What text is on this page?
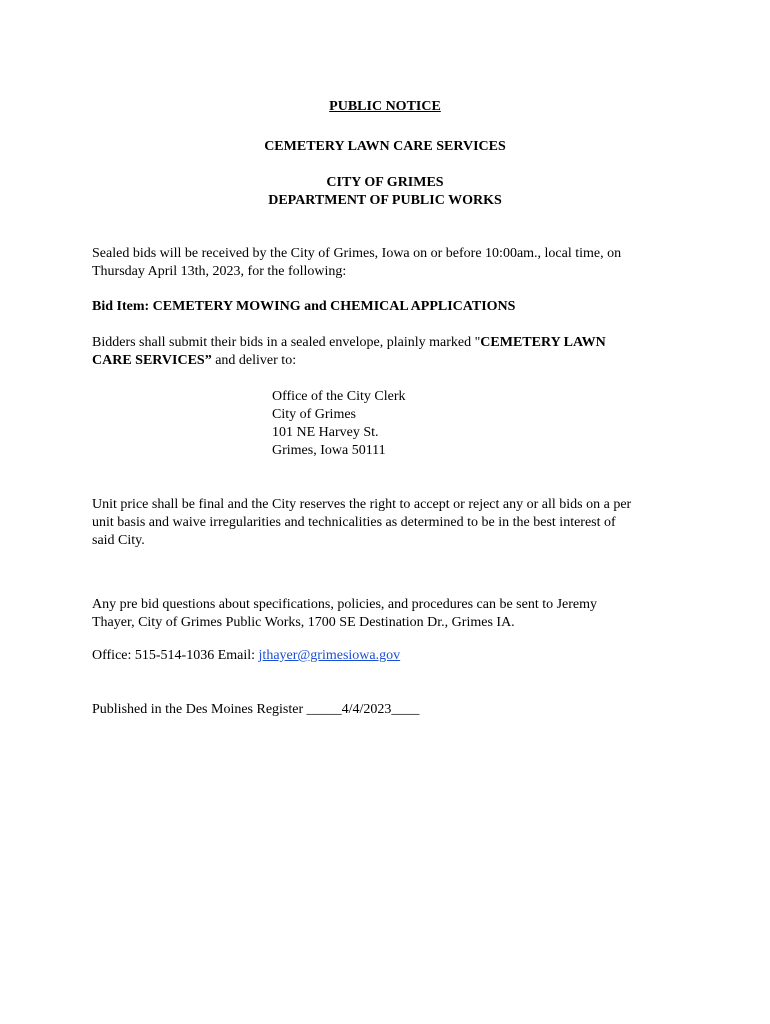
PUBLIC NOTICE
CEMETERY LAWN CARE SERVICES
CITY OF GRIMES
DEPARTMENT OF PUBLIC WORKS
Sealed bids will be received by the City of Grimes, Iowa on or before 10:00am., local time, on
Thursday April 13th, 2023, for the following:
Bid Item: CEMETERY MOWING and CHEMICAL APPLICATIONS
Bidders shall submit their bids in a sealed envelope, plainly marked "CEMETERY LAWN
CARE SERVICES” and deliver to:
Office of the City Clerk
City of Grimes
101 NE Harvey St.
Grimes, Iowa 50111
Unit price shall be final and the City reserves the right to accept or reject any or all bids on a per
unit basis and waive irregularities and technicalities as determined to be in the best interest of
said City.
Any pre bid questions about specifications, policies, and procedures can be sent to Jeremy
Thayer, City of Grimes Public Works, 1700 SE Destination Dr., Grimes IA.
Office: 515-514-1036 Email: jthayer@grimesiowa.gov
Published in the Des Moines Register _____4/4/2023____
